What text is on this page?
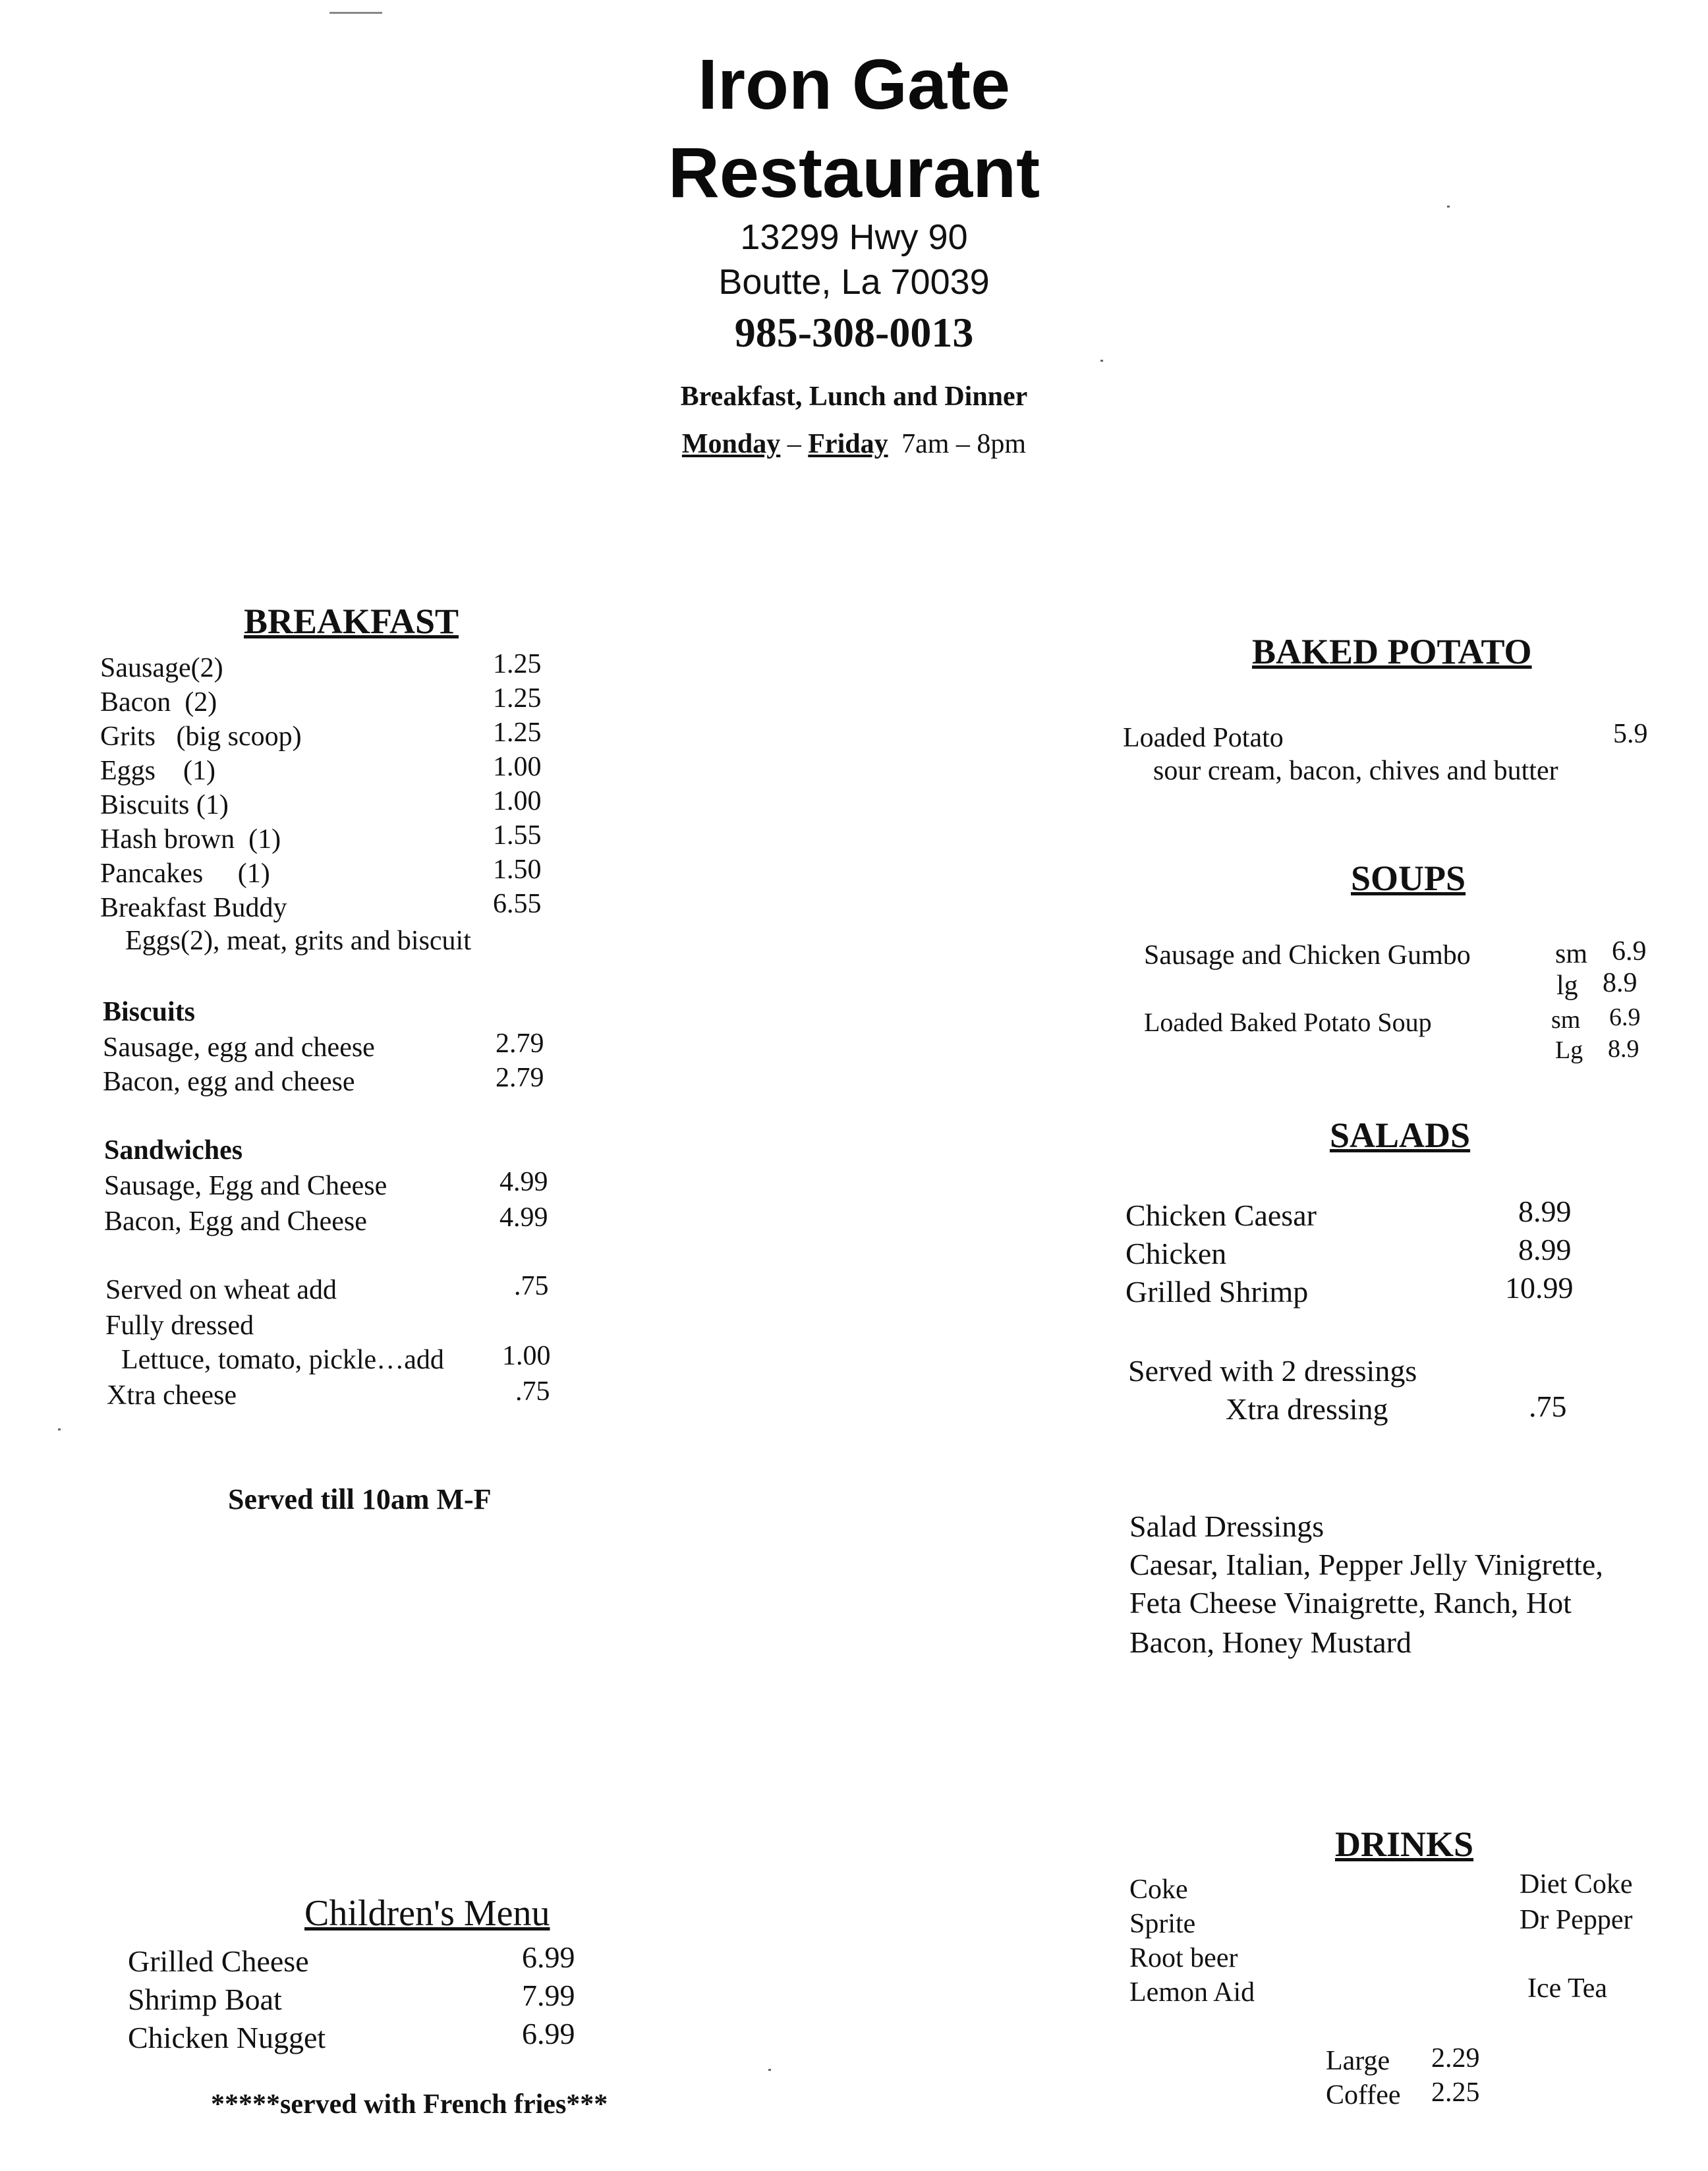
Iron Gate
Restaurant
13299 Hwy 90
Boutte, La 70039
985-308-0013
Breakfast, Lunch and Dinner
Monday – Friday 7am – 8pm
BREAKFAST
Sausage(2)	1.25
Bacon  (2)	1.25
Grits   (big scoop)	1.25
Eggs    (1)	1.00
Biscuits (1)	1.00
Hash brown  (1)	1.55
Pancakes     (1)	1.50
Breakfast Buddy	6.55
Eggs(2), meat, grits and biscuit
Biscuits
Sausage, egg and cheese	2.79
Bacon, egg and cheese	2.79
Sandwiches
Sausage, Egg and Cheese	4.99
Bacon, Egg and Cheese	4.99
Served on wheat add	.75
Fully dressed
Lettuce, tomato, pickle…add 1.00
Xtra cheese	.75
Served till 10am M-F
BAKED POTATO
Loaded Potato	5.9
sour cream, bacon, chives and butter
SOUPS
Sausage and Chicken Gumbo	sm 6.9
lg 8.9
Loaded Baked Potato Soup	sm 6.9
Lg 8.9
SALADS
Chicken Caesar	8.99
Chicken	8.99
Grilled Shrimp	10.99
Served with 2 dressings
Xtra dressing	.75
Salad Dressings
Caesar, Italian, Pepper Jelly Vinigrette,
Feta Cheese Vinaigrette, Ranch, Hot
Bacon, Honey Mustard
Children's Menu
Grilled Cheese	6.99
Shrimp Boat	7.99
Chicken Nugget	6.99
*****served with French fries***
DRINKS
Coke
Sprite
Root beer
Lemon Aid
Diet Coke
Dr Pepper
Ice Tea
Large 2.29
Coffee 2.25
